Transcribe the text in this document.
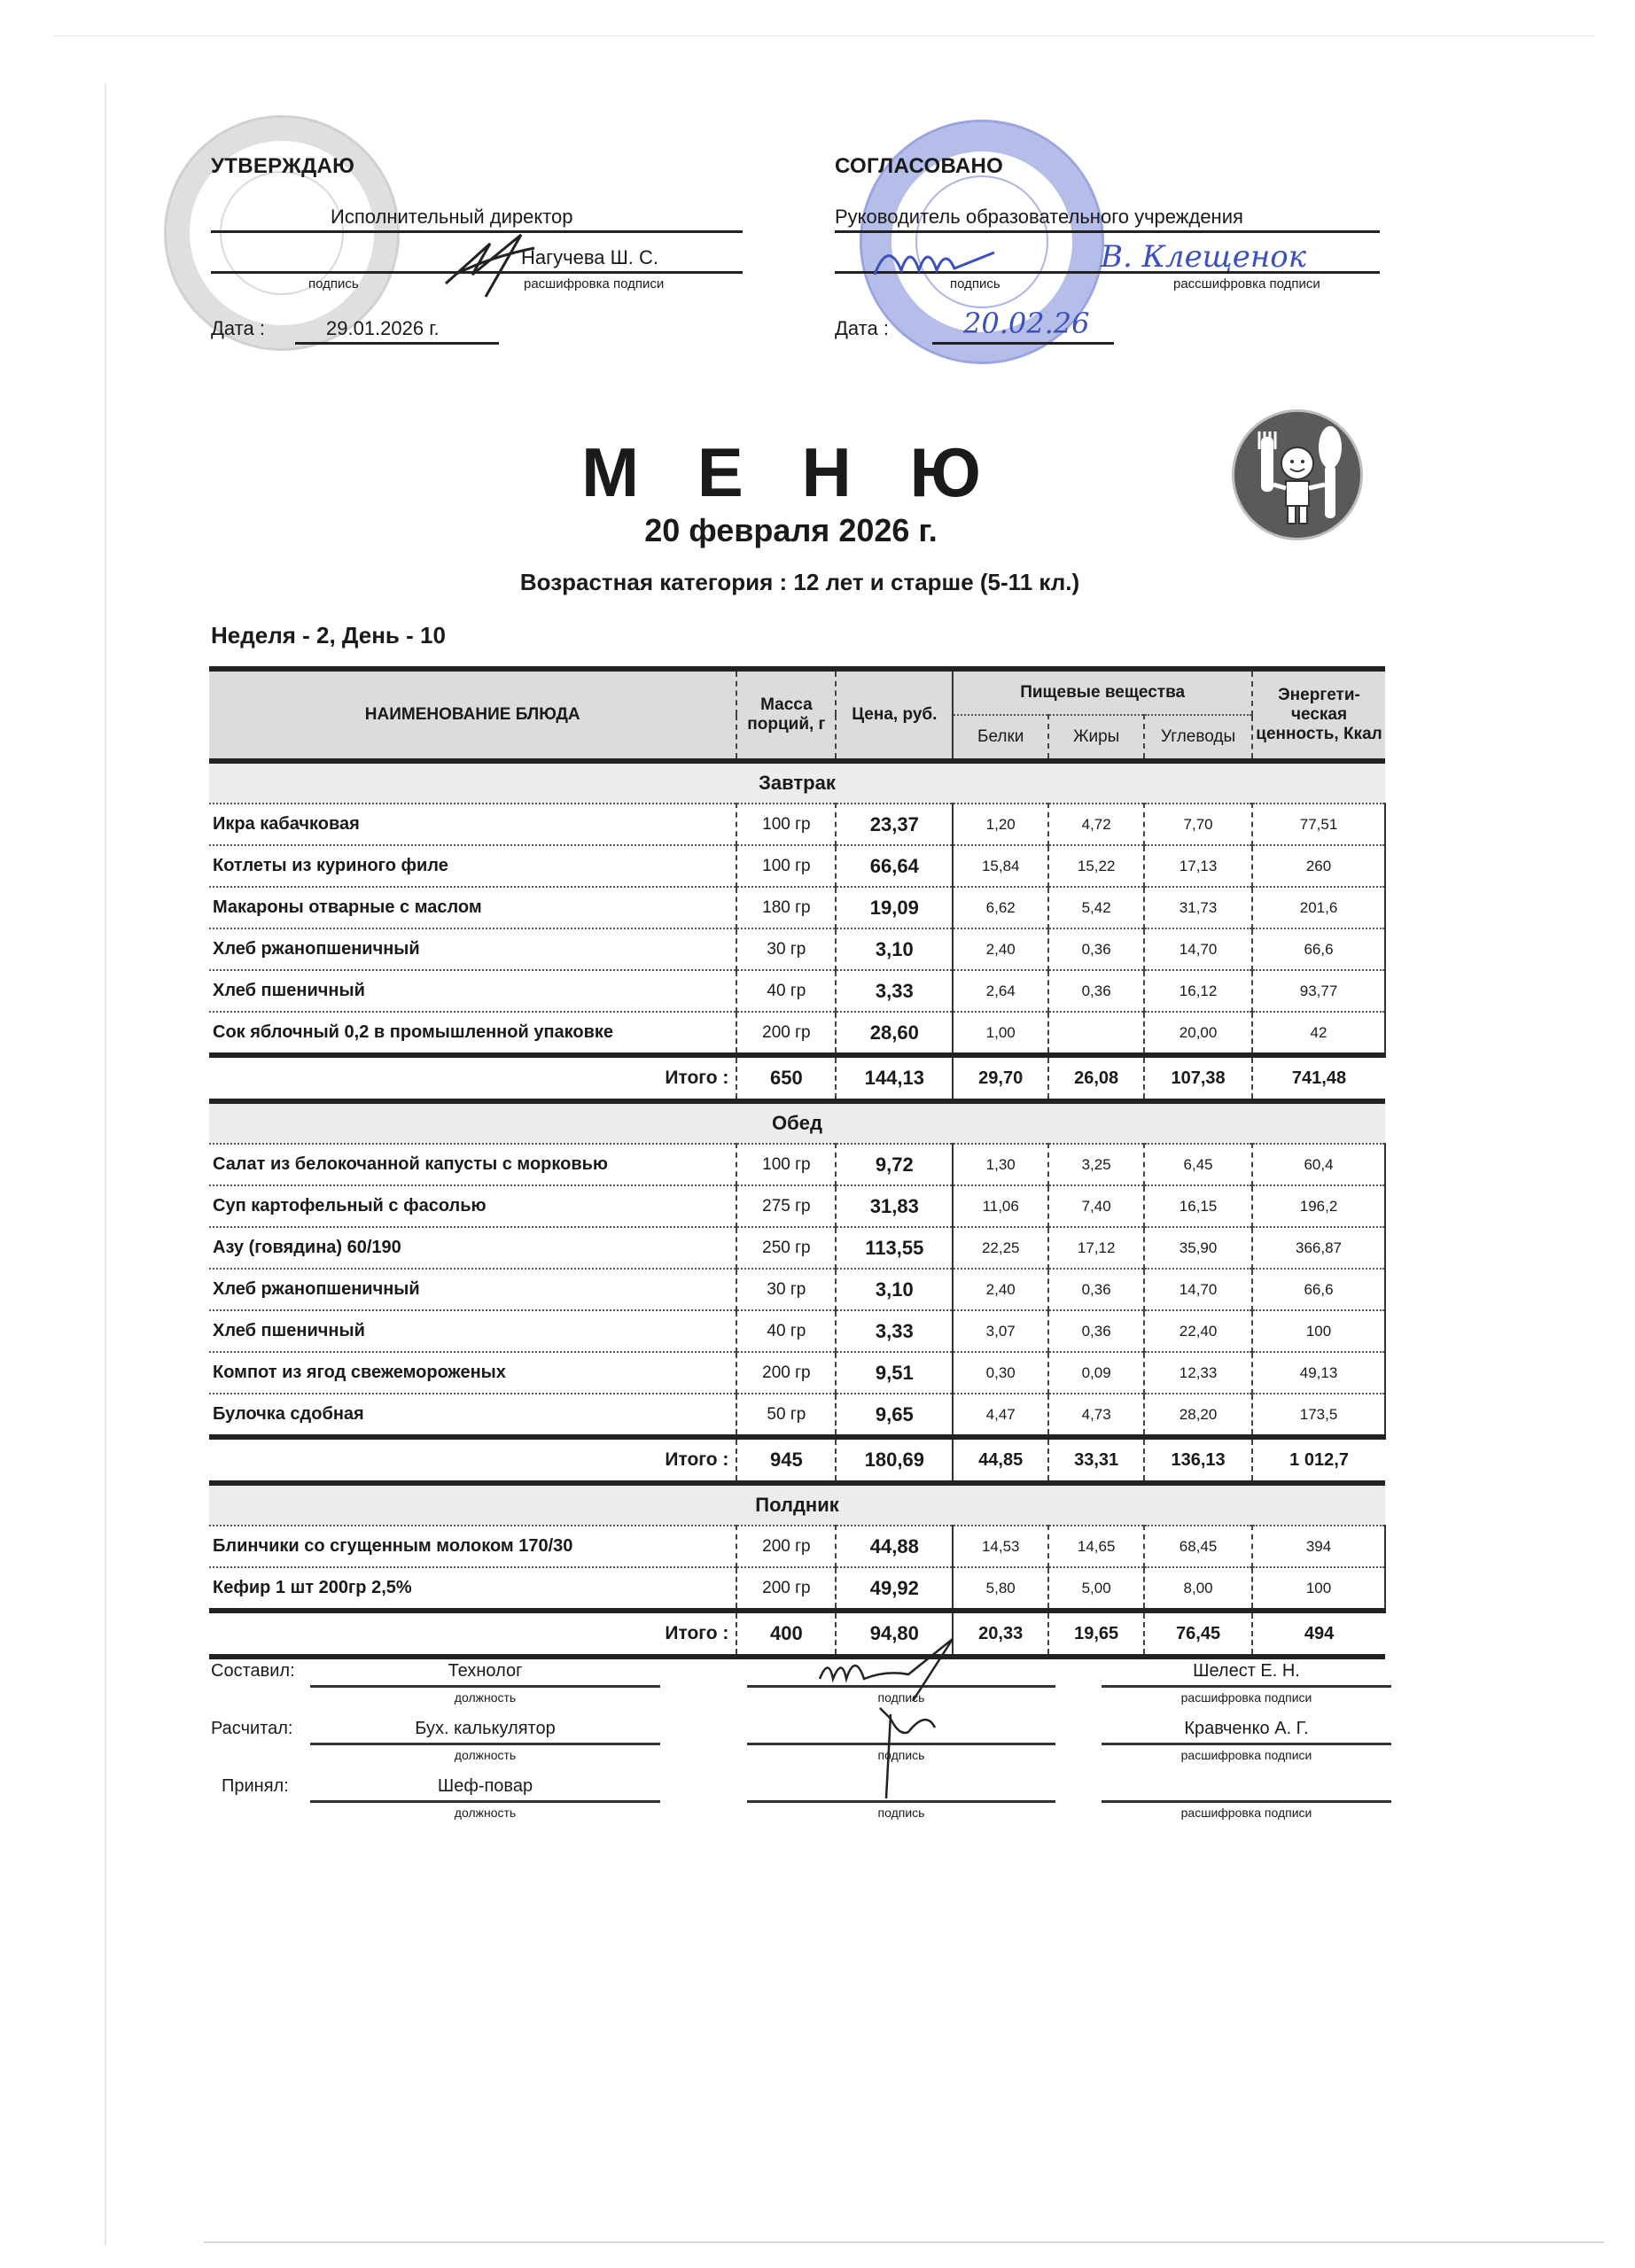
УТВЕРЖДАЮ
Исполнительный директор
Нагучева Ш. С.
подпись	расшифровка подписи
Дата :	29.01.2026 г.
СОГЛАСОВАНО
Руководитель образовательного учреждения
В. Клещенок
подпись	рассшифровка подписи
Дата :	20.02.26
М Е Н Ю
20 февраля 2026 г.
Возрастная категория : 12 лет и старше (5-11 кл.)
Неделя - 2, День - 10
НАИМЕНОВАНИЕ БЛЮДА	Масса порций, г	Цена, руб.	Пищевые вещества			Энергети-ческая ценность, Ккал
			Белки	Жиры	Углеводы	
Завтрак						
Икра кабачковая	100 гр	23,37	1,20	4,72	7,70	77,51
Котлеты из куриного филе	100 гр	66,64	15,84	15,22	17,13	260
Макароны отварные с маслом	180 гр	19,09	6,62	5,42	31,73	201,6
Хлеб ржанопшеничный	30 гр	3,10	2,40	0,36	14,70	66,6
Хлеб пшеничный	40 гр	3,33	2,64	0,36	16,12	93,77
Сок яблочный 0,2 в промышленной упаковке	200 гр	28,60	1,00		20,00	42
Итого :	650	144,13	29,70	26,08	107,38	741,48
Обед						
Салат из белокочанной капусты с морковью	100 гр	9,72	1,30	3,25	6,45	60,4
Суп картофельный с фасолью	275 гр	31,83	11,06	7,40	16,15	196,2
Азу (говядина) 60/190	250 гр	113,55	22,25	17,12	35,90	366,87
Хлеб ржанопшеничный	30 гр	3,10	2,40	0,36	14,70	66,6
Хлеб пшеничный	40 гр	3,33	3,07	0,36	22,40	100
Компот из ягод свежемороженых	200 гр	9,51	0,30	0,09	12,33	49,13
Булочка сдобная	50 гр	9,65	4,47	4,73	28,20	173,5
Итого :	945	180,69	44,85	33,31	136,13	1 012,7
Полдник						
Блинчики со сгущенным молоком 170/30	200 гр	44,88	14,53	14,65	68,45	394
Кефир 1 шт 200гр 2,5%	200 гр	49,92	5,80	5,00	8,00	100
Итого :	400	94,80	20,33	19,65	76,45	494
Составил:	Технолог
должность	подпись
Шелест Е. Н.
расшифровка подписи
Расчитал:	Бух. калькулятор
должность	подпись
Кравченко А. Г.
расшифровка подписи
Принял:	Шеф-повар
должность	подпись	расшифровка подписи
